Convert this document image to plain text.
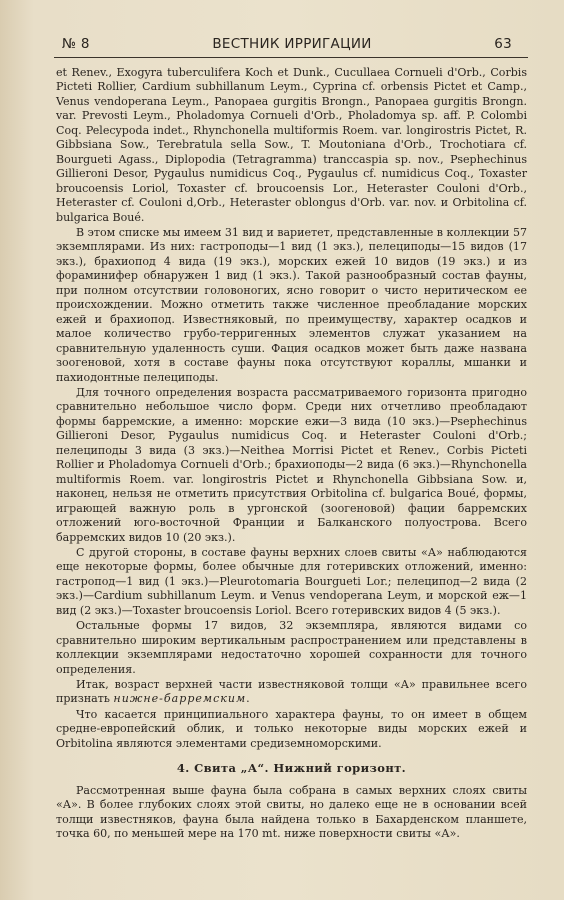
№ 8	ВЕСТНИК ИРРИГАЦИИ	63

et Renev., Exogyra tuberculifera Koch et Dunk., Cucullaea Cornueli d'Orb., Corbis Picteti Rollier, Cardium subhillanum Leym., Cyprina cf. orbensis Pictet et Camp., Venus vendoperana Leym., Panopaea gurgitis Brongn., Panopaea gurgitis Brongn. var. Prevosti Leym., Pholadomya Cornueli d'Orb., Pholadomya sp. aff. P. Colombi Coq. Pelecypoda indet., Rhynchonella multiformis Roem. var. longirostris Pictet, R. Gibbsiana Sow., Terebratula sella Sow., T. Moutoniana d'Orb., Trochotiara cf. Bourgueti Agass., Diplopodia (Tetragramma) tranccaspia sp. nov., Psephechinus Gillieroni Desor, Pygaulus numidicus Coq., Pygaulus cf. numidicus Coq., Toxaster broucoensis Loriol, Toxaster cf. broucoensis Lor., Heteraster Couloni d'Orb., Heteraster cf. Couloni d,Orb., Heteraster oblongus d'Orb. var. nov. и Orbitolina cf. bulgarica Boué.

В этом списке мы имеем 31 вид и вариетет, представленные в коллекции 57 экземплярами. Из них: гастроподы—1 вид (1 экз.), пелециподы—15 видов (17 экз.), брахиопод 4 вида (19 экз.), морских ежей 10 видов (19 экз.) и из фораминифер обнаружен 1 вид (1 экз.). Такой разнообразный состав фауны, при полном отсутствии головоногих, ясно говорит о чисто неритическом ее происхождении. Можно отметить также численное преобладание морских ежей и брахиопод. Известняковый, по преимуществу, характер осадков и малое количество грубо-терригенных элементов служат указанием на сравнительную удаленность суши. Фация осадков может быть даже названа зоогеновой, хотя в составе фауны пока отсутствуют кораллы, мшанки и пахиодонтные пелециподы.

Для точного определения возраста рассматриваемого горизонта пригодно сравнительно небольшое число форм. Среди них отчетливо преобладают формы барремские, а именно: морские ежи—3 вида (10 экз.)—Psephechinus Gillieroni Desor, Pygaulus numidicus Coq. и Heteraster Couloni d'Orb.; пелециподы 3 вида (3 экз.)—Neithea Morrisi Pictet et Renev., Corbis Picteti Rollier и Pholadomya Cornueli d'Orb.; брахиоподы—2 вида (6 экз.)—Rhynchonella multiformis Roem. var. longirostris Pictet и Rhynchonella Gibbsiana Sow. и, наконец, нельзя не отметить присутствия Orbitolina cf. bulgarica Boué, формы, играющей важную роль в ургонской (зоогеновой) фации барремских отложений юго-восточной Франции и Балканского полуострова. Всего барремских видов 10 (20 экз.).

С другой стороны, в составе фауны верхних слоев свиты «А» наблюдаются еще некоторые формы, более обычные для готеривских отложений, именно: гастропод—1 вид (1 экз.)—Pleurotomaria Bourgueti Lor.; пелеципод—2 вида (2 экз.)—Cardium subhillanum Leym. и Venus vendoperana Leym, и морской еж—1 вид (2 экз.)—Toxaster broucoensis Loriol. Всего готеривских видов 4 (5 экз.).

Остальные формы 17 видов, 32 экземпляра, являются видами со сравнительно широким вертикальным распространением или представлены в коллекции экземплярами недостаточно хорошей сохранности для точного определения.

Итак, возраст верхней части известняковой толщи «А» правильнее всего признать нижне-барремским.

Что касается принципиального характера фауны, то он имеет в общем средне-европейский облик, и только некоторые виды морских ежей и Orbitolina являются элементами средиземноморскими.

4. Свита „А“. Нижний горизонт.

Рассмотренная выше фауна была собрана в самых верхних слоях свиты «А». В более глубоких слоях этой свиты, но далеко еще не в основании всей толщи известняков, фауна была найдена только в Бахарденском планшете, точка 60, по меньшей мере на 170 mt. ниже поверхности свиты «А».
